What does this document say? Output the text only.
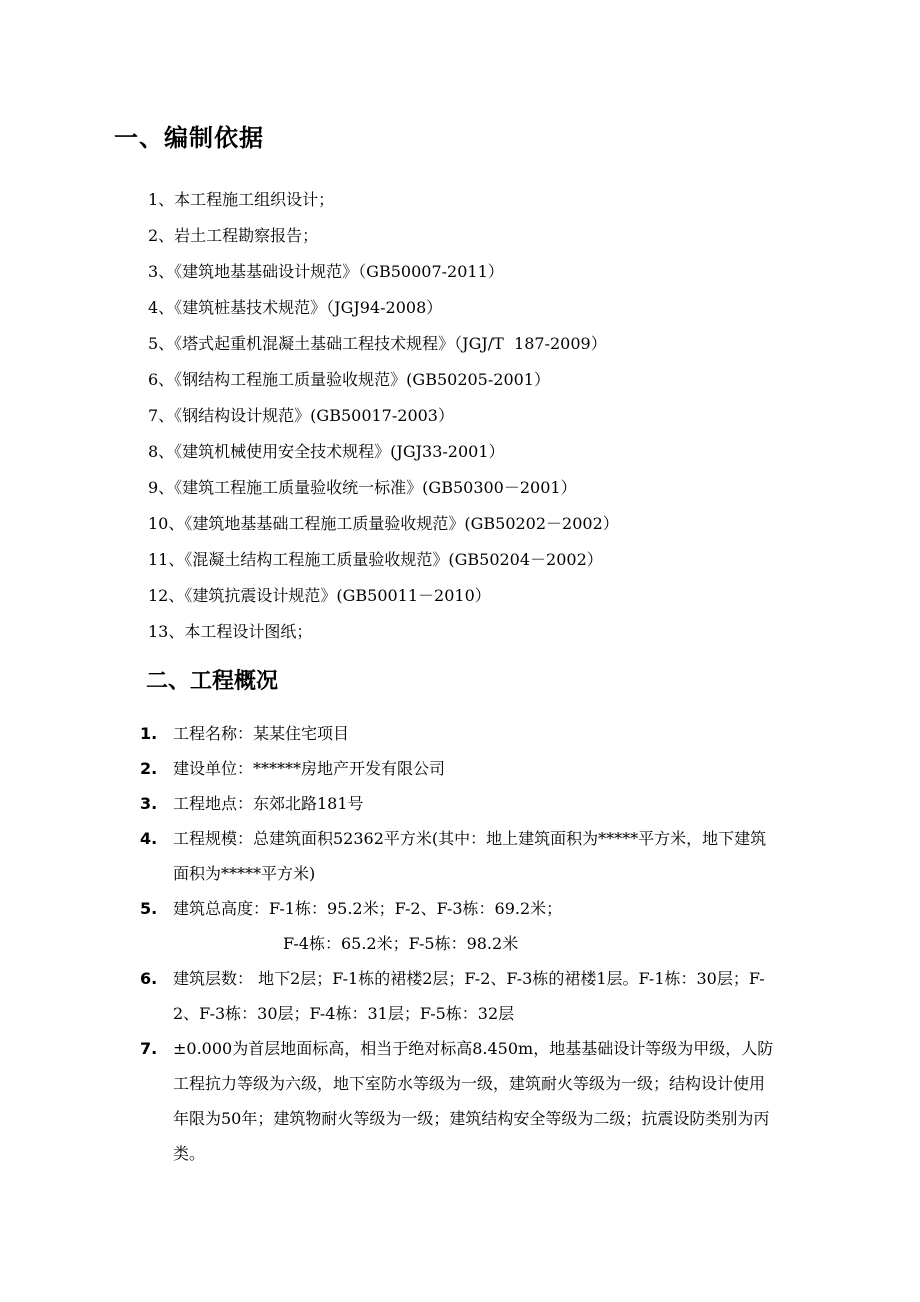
一、编制依据
1、本工程施工组织设计；
2、岩土工程勘察报告；
3、《建筑地基基础设计规范》（GB50007-2011）
4、《建筑桩基技术规范》（JGJ94-2008）
5、《塔式起重机混凝土基础工程技术规程》（JGJ/T  187-2009）
6、《钢结构工程施工质量验收规范》(GB50205-2001）
7、《钢结构设计规范》(GB50017-2003）
8、《建筑机械使用安全技术规程》(JGJ33-2001）
9、《建筑工程施工质量验收统一标准》(GB50300－2001）
10、《建筑地基基础工程施工质量验收规范》(GB50202－2002）
11、《混凝土结构工程施工质量验收规范》(GB50204－2002）
12、《建筑抗震设计规范》(GB50011－2010）
13、本工程设计图纸；
二、工程概况
1. 工程名称：某某住宅项目
2. 建设单位：******房地产开发有限公司
3. 工程地点：东郊北路181号
4. 工程规模：总建筑面积52362平方米(其中：地上建筑面积为*****平方米，地下建筑面积为*****平方米)
5. 建筑总高度：F-1栋：95.2米；F-2、F-3栋：69.2米；
F-4栋：65.2米；F-5栋：98.2米
6. 建筑层数： 地下2层；F-1栋的裙楼2层；F-2、F-3栋的裙楼1层。F-1栋：30层；F-2、F-3栋：30层；F-4栋：31层；F-5栋：32层
7. ±0.000为首层地面标高，相当于绝对标高8.450m，地基基础设计等级为甲级，人防工程抗力等级为六级，地下室防水等级为一级，建筑耐火等级为一级；结构设计使用年限为50年；建筑物耐火等级为一级；建筑结构安全等级为二级；抗震设防类别为丙类。
